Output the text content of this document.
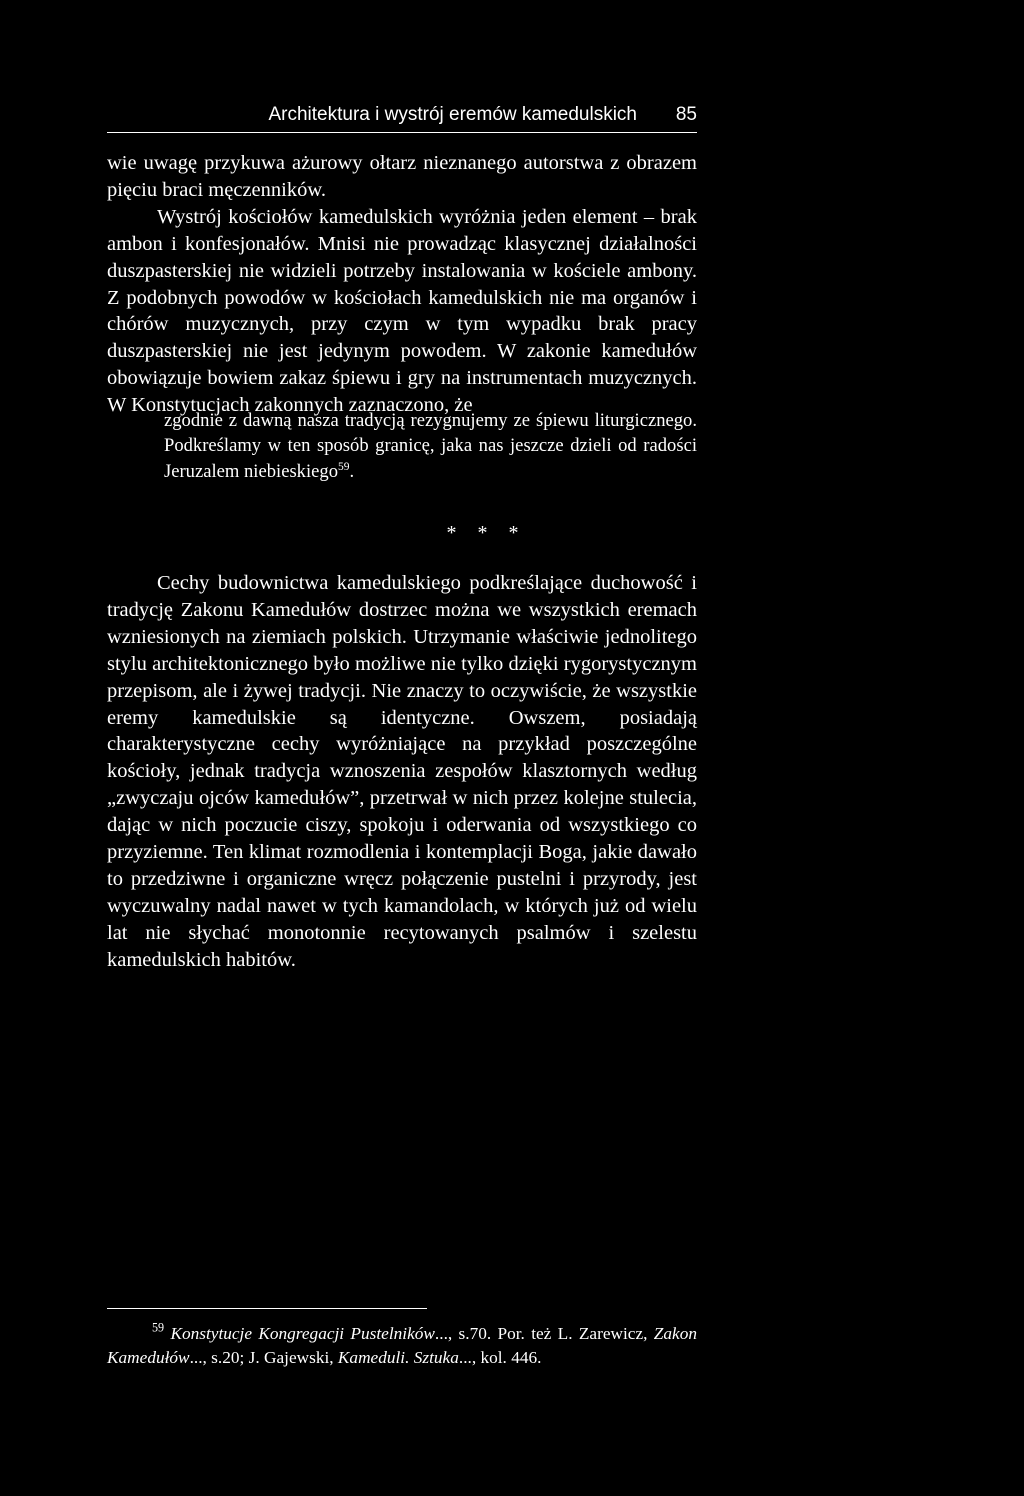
Architektura i wystrój eremów kamedulskich 85

wie uwagę przykuwa ażurowy ołtarz nieznanego autorstwa z obrazem pięciu braci męczenników.

Wystrój kościołów kamedulskich wyróżnia jeden element – brak ambon i konfesjonałów. Mnisi nie prowadząc klasycznej działalności duszpasterskiej nie widzieli potrzeby instalowania w kościele ambony. Z podobnych powodów w kościołach kamedulskich nie ma organów i chórów muzycznych, przy czym w tym wypadku brak pracy duszpasterskiej nie jest jedynym powodem. W zakonie kamedułów obowiązuje bowiem zakaz śpiewu i gry na instrumentach muzycznych. W Konstytucjach zakonnych zaznaczono, że

zgodnie z dawną nasza tradycją rezygnujemy ze śpiewu liturgicznego. Podkreślamy w ten sposób granicę, jaka nas jeszcze dzieli od radości Jeruzalem niebieskiego$^{59}$.

* * *

Cechy budownictwa kamedulskiego podkreślające duchowość i tradycję Zakonu Kamedułów dostrzec można we wszystkich eremach wzniesionych na ziemiach polskich. Utrzymanie właściwie jednolitego stylu architektonicznego było możliwe nie tylko dzięki rygorystycznym przepisom, ale i żywej tradycji. Nie znaczy to oczywiście, że wszystkie eremy kamedulskie są identyczne. Owszem, posiadają charakterystyczne cechy wyróżniające na przykład poszczególne kościoły, jednak tradycja wznoszenia zespołów klasztornych według „zwyczaju ojców kamedułów”, przetrwał w nich przez kolejne stulecia, dając w nich poczucie ciszy, spokoju i oderwania od wszystkiego co przyziemne. Ten klimat rozmodlenia i kontemplacji Boga, jakie dawało to przedziwne i organiczne wręcz połączenie pustelni i przyrody, jest wyczuwalny nadal nawet w tych kamandolach, w których już od wielu lat nie słychać monotonnie recytowanych psalmów i szelestu kamedulskich habitów.

$^{59}$ Konstytucje Kongregacji Pustelników..., s.70. Por. też L. Zarewicz, Zakon Kamedułów..., s.20; J. Gajewski, Kameduli. Sztuka..., kol. 446.
